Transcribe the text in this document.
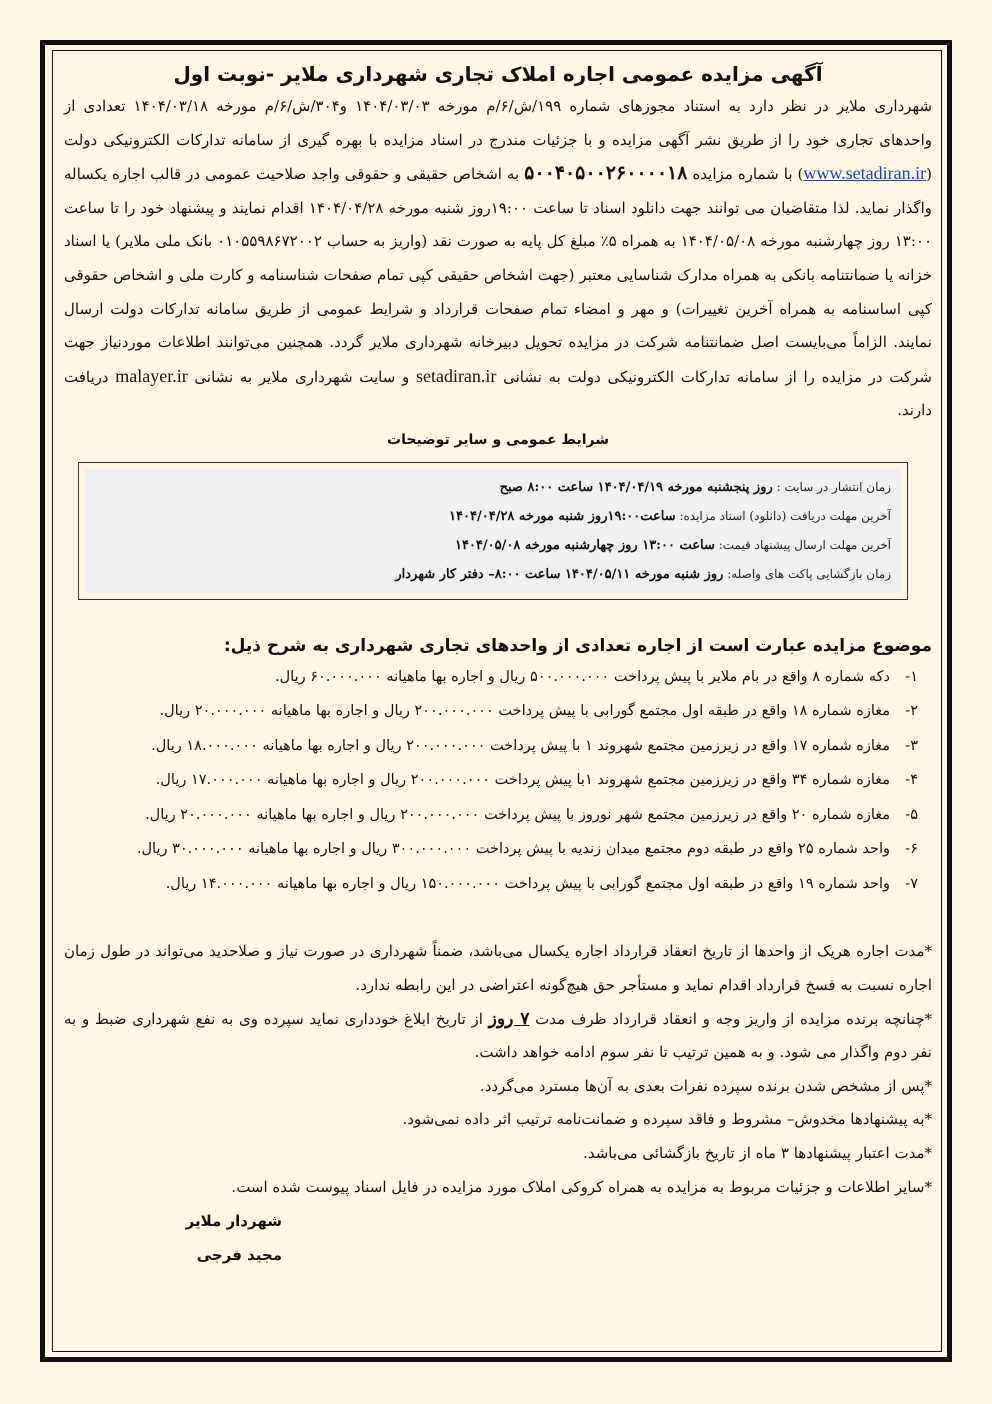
آگهی مزایده عمومی اجاره املاک تجاری شهرداری ملایر -نوبت اول
شهرداری ملایر در نظر دارد به استناد مجوزهای شماره ۱۹۹/ش/۶/م مورخه ۱۴۰۴/۰۳/۰۳ و۳۰۴/ش/۶/م مورخه ۱۴۰۴/۰۳/۱۸ تعدادی از واحدهای تجاری خود را از طریق نشر آگهی مزایده و با جزئیات مندرج در اسناد مزایده با بهره گیری از سامانه تدارکات الکترونیکی دولت (www.setadiran.ir) با شماره مزایده ۵۰۰۴۰۵۰۰۲۶۰۰۰۰۱۸ به اشخاص حقیقی و حقوقی واجد صلاحیت عمومی در قالب اجاره یکساله واگذار نماید. لذا متقاضیان می توانند جهت دانلود اسناد تا ساعت ۱۹:۰۰روز شنبه مورخه ۱۴۰۴/۰۴/۲۸ اقدام نمایند و پیشنهاد خود را تا ساعت ۱۳:۰۰ روز چهارشنبه مورخه ۱۴۰۴/۰۵/۰۸ به همراه ۵٪ مبلغ کل پایه به صورت نقد (واریز به حساب ۰۱۰۵۵۹۸۶۷۲۰۰۲ بانک ملی ملایر) یا اسناد خزانه یا ضمانتنامه بانکی به همراه مدارک شناسایی معتبر (جهت اشخاص حقیقی کپی تمام صفحات شناسنامه و کارت ملی و اشخاص حقوقی کپی اساسنامه به همراه آخرین تغییرات) و مهر و امضاء تمام صفحات قرارداد و شرایط عمومی از طریق سامانه تدارکات دولت ارسال نمایند. الزاماً می‌بایست اصل ضمانتنامه شرکت در مزایده تحویل دبیرخانه شهرداری ملایر گردد. همچنین می‌توانند اطلاعات موردنیاز جهت شرکت در مزایده را از سامانه تدارکات الکترونیکی دولت به نشانی setadiran.ir و سایت شهرداری ملایر به نشانی malayer.ir دریافت دارند.
شرایط عمومی و سایر توضیحات
زمان انتشار در سایت : روز پنجشنبه مورخه ۱۴۰۴/۰۴/۱۹ ساعت ۸:۰۰ صبح
آخرین مهلت دریافت (دانلود) اسناد مزایده: ساعت۱۹:۰۰روز شنبه مورخه ۱۴۰۴/۰۴/۲۸
آخرین مهلت ارسال پیشنهاد قیمت: ساعت ۱۳:۰۰ روز چهارشنبه مورخه ۱۴۰۴/۰۵/۰۸
زمان بازگشایی پاکت های واصله: روز شنبه مورخه ۱۴۰۴/۰۵/۱۱ ساعت ۸:۰۰– دفتر کار شهردار
موضوع مزایده عبارت است از اجاره تعدادی از واحدهای تجاری شهرداری به شرح ذیل:
۱-دکه شماره ۸ واقع در بام ملایر با پیش پرداخت ۵۰۰.۰۰۰.۰۰۰ ریال و اجاره بها ماهیانه ۶۰.۰۰۰.۰۰۰ ریال.
۲-مغازه شماره ۱۸ واقع در طبقه اول مجتمع گورابی با پیش پرداخت ۲۰۰.۰۰۰.۰۰۰ ریال و اجاره بها ماهیانه ۲۰.۰۰۰.۰۰۰ ریال.
۳-مغازه شماره ۱۷ واقع در زیرزمین مجتمع شهروند ۱ با پیش پرداخت ۲۰۰.۰۰۰.۰۰۰ ریال و اجاره بها ماهیانه ۱۸.۰۰۰.۰۰۰ ریال.
۴-مغازه شماره ۳۴ واقع در زیرزمین مجتمع شهروند ۱با پیش پرداخت ۲۰۰.۰۰۰.۰۰۰ ریال و اجاره بها ماهیانه ۱۷.۰۰۰.۰۰۰ ریال.
۵-مغازه شماره ۲۰ واقع در زیرزمین مجتمع شهر نوروز با پیش پرداخت ۲۰۰.۰۰۰.۰۰۰ ریال و اجاره بها ماهیانه ۲۰.۰۰۰.۰۰۰ ریال.
۶-واحد شماره ۲۵ واقع در طبقه دوم مجتمع میدان زندیه با پیش پرداخت ۳۰۰.۰۰۰.۰۰۰ ریال و اجاره بها ماهیانه ۳۰.۰۰۰.۰۰۰ ریال.
۷-واحد شماره ۱۹ واقع در طبقه اول مجتمع گورابی با پیش پرداخت ۱۵۰.۰۰۰.۰۰۰ ریال و اجاره بها ماهیانه ۱۴.۰۰۰.۰۰۰ ریال.
*مدت اجاره هریک از واحدها از تاریخ انعقاد قرارداد اجاره یکسال می‌باشد، ضمناً شهرداری در صورت نیاز و صلاحدید می‌تواند در طول زمان اجاره نسبت به فسخ قرارداد اقدام نماید و مستأجر حق هیچ‌گونه اعتراضی در این رابطه ندارد.
*چنانچه برنده مزایده از واریز وجه و انعقاد قرارداد ظرف مدت ۷ روز از تاریخ ابلاغ خودداری نماید سپرده وی به نفع شهرداری ضبط و به نفر دوم واگذار می شود. و به همین ترتیب تا نفر سوم ادامه خواهد داشت.
*پس از مشخص شدن برنده سپرده نفرات بعدی به آن‌ها مسترد می‌گردد.
*به پیشنهادها مخدوش– مشروط و فاقد سپرده و ضمانت‌نامه ترتیب اثر داده نمی‌شود.
*مدت اعتبار پیشنهادها ۳ ماه از تاریخ بازگشائی می‌باشد.
*سایر اطلاعات و جزئیات مربوط به مزایده به همراه کروکی املاک مورد مزایده در فایل اسناد پیوست شده است.
شهردار ملایر
مجید فرجی
